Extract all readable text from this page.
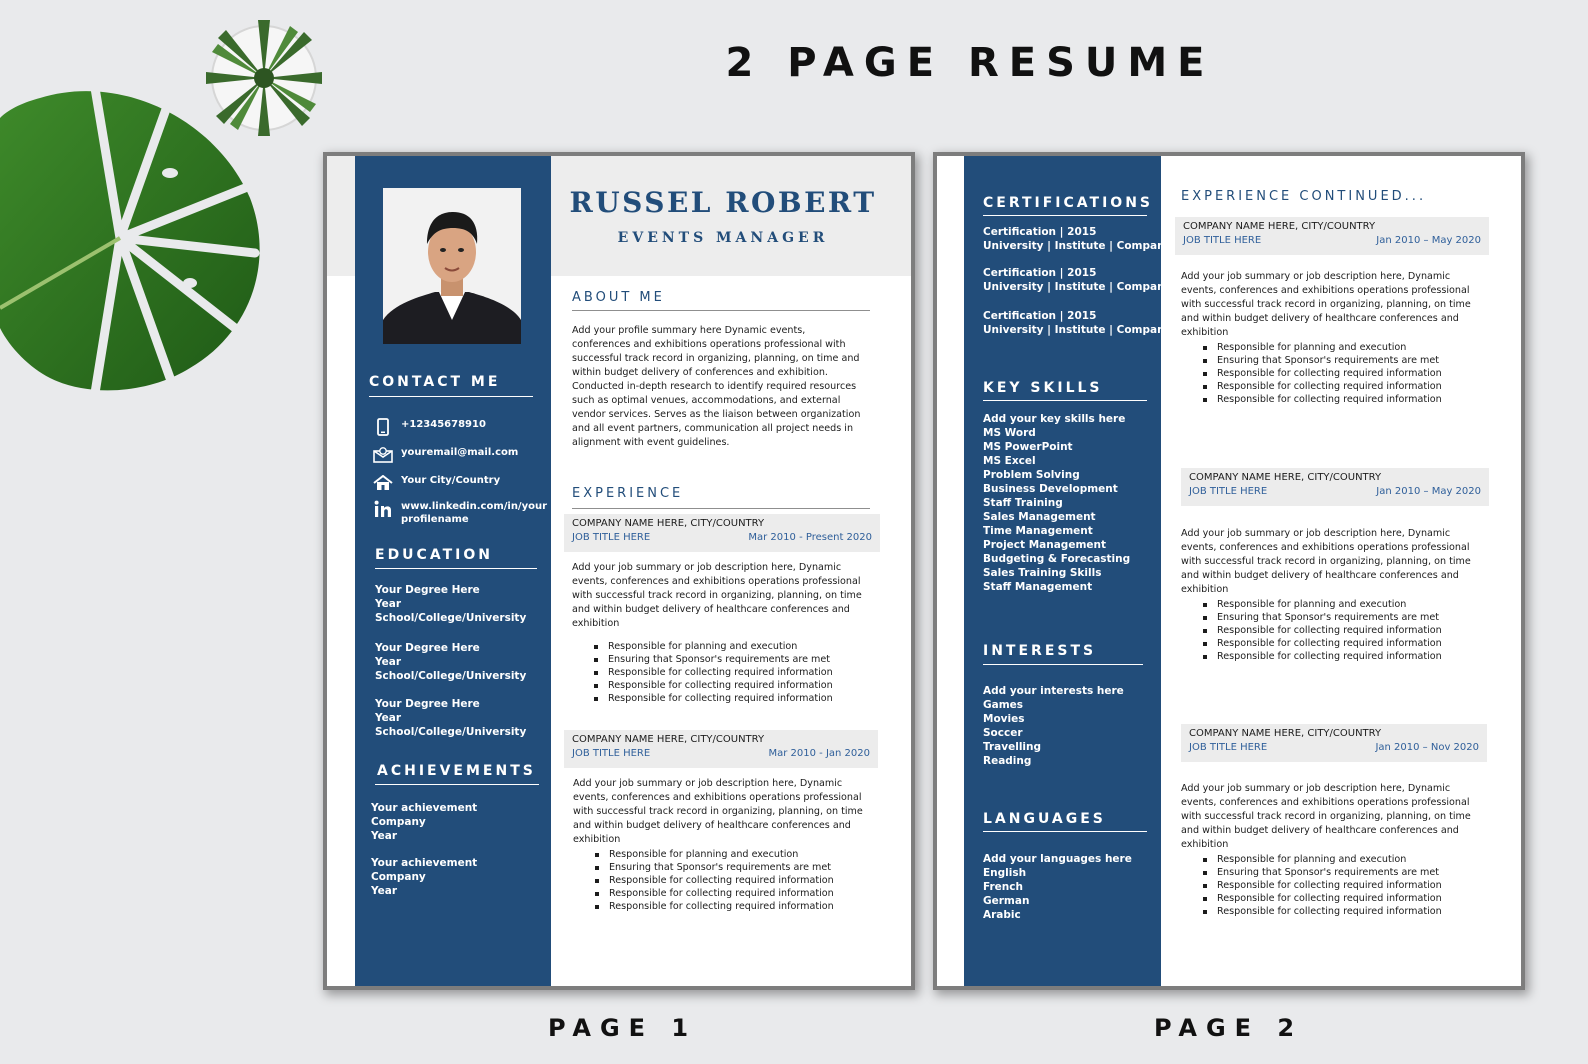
2 PAGE RESUME
PAGE 1	PAGE 2
CONTACT ME
+12345678910
youremail@mail.com
Your City/Country
www.linkedin.com/in/your
profilename
EDUCATION
Your Degree Here
Year
School/College/University
Your Degree Here
Year
School/College/University
Your Degree Here
Year
School/College/University
ACHIEVEMENTS
Your achievement
Company
Year
Your achievement
Company
Year
RUSSEL ROBERT
EVENTS MANAGER
ABOUT ME
Add your profile summary here Dynamic events,
conferences and exhibitions operations professional with
successful track record in organizing, planning, on time and
within budget delivery of conferences and exhibition.
Conducted in-depth research to identify required resources
such as optimal venues, accommodations, and external
vendor services. Serves as the liaison between organization
and all event partners, communication all project needs in
alignment with event guidelines.
EXPERIENCE
COMPANY NAME HERE, CITY/COUNTRY
JOB TITLE HERE	Mar 2010 - Present 2020
Add your job summary or job description here, Dynamic
events, conferences and exhibitions operations professional
with successful track record in organizing, planning, on time
and within budget delivery of healthcare conferences and
exhibition
Responsible for planning and execution
Ensuring that Sponsor's requirements are met
Responsible for collecting required information
Responsible for collecting required information
Responsible for collecting required information
COMPANY NAME HERE, CITY/COUNTRY
JOB TITLE HERE	Mar 2010 - Jan 2020
Add your job summary or job description here, Dynamic
events, conferences and exhibitions operations professional
with successful track record in organizing, planning, on time
and within budget delivery of healthcare conferences and
exhibition
Responsible for planning and execution
Ensuring that Sponsor's requirements are met
Responsible for collecting required information
Responsible for collecting required information
Responsible for collecting required information
CERTIFICATIONS
Certification | 2015
University | Institute | Company
Certification | 2015
University | Institute | Company
Certification | 2015
University | Institute | Company
KEY SKILLS
Add your key skills here
MS Word
MS PowerPoint
MS Excel
Problem Solving
Business Development
Staff Training
Sales Management
Time Management
Project Management
Budgeting & Forecasting
Sales Training Skills
Staff Management
INTERESTS
Add your interests here
Games
Movies
Soccer
Travelling
Reading
LANGUAGES
Add your languages here
English
French
German
Arabic
EXPERIENCE CONTINUED...
COMPANY NAME HERE, CITY/COUNTRY
JOB TITLE HERE	Jan 2010 – May 2020
Add your job summary or job description here, Dynamic
events, conferences and exhibitions operations professional
with successful track record in organizing, planning, on time
and within budget delivery of healthcare conferences and
exhibition
Responsible for planning and execution
Ensuring that Sponsor's requirements are met
Responsible for collecting required information
Responsible for collecting required information
Responsible for collecting required information
COMPANY NAME HERE, CITY/COUNTRY
JOB TITLE HERE	Jan 2010 – May 2020
Add your job summary or job description here, Dynamic
events, conferences and exhibitions operations professional
with successful track record in organizing, planning, on time
and within budget delivery of healthcare conferences and
exhibition
Responsible for planning and execution
Ensuring that Sponsor's requirements are met
Responsible for collecting required information
Responsible for collecting required information
Responsible for collecting required information
COMPANY NAME HERE, CITY/COUNTRY
JOB TITLE HERE	Jan 2010 – Nov 2020
Add your job summary or job description here, Dynamic
events, conferences and exhibitions operations professional
with successful track record in organizing, planning, on time
and within budget delivery of healthcare conferences and
exhibition
Responsible for planning and execution
Ensuring that Sponsor's requirements are met
Responsible for collecting required information
Responsible for collecting required information
Responsible for collecting required information
